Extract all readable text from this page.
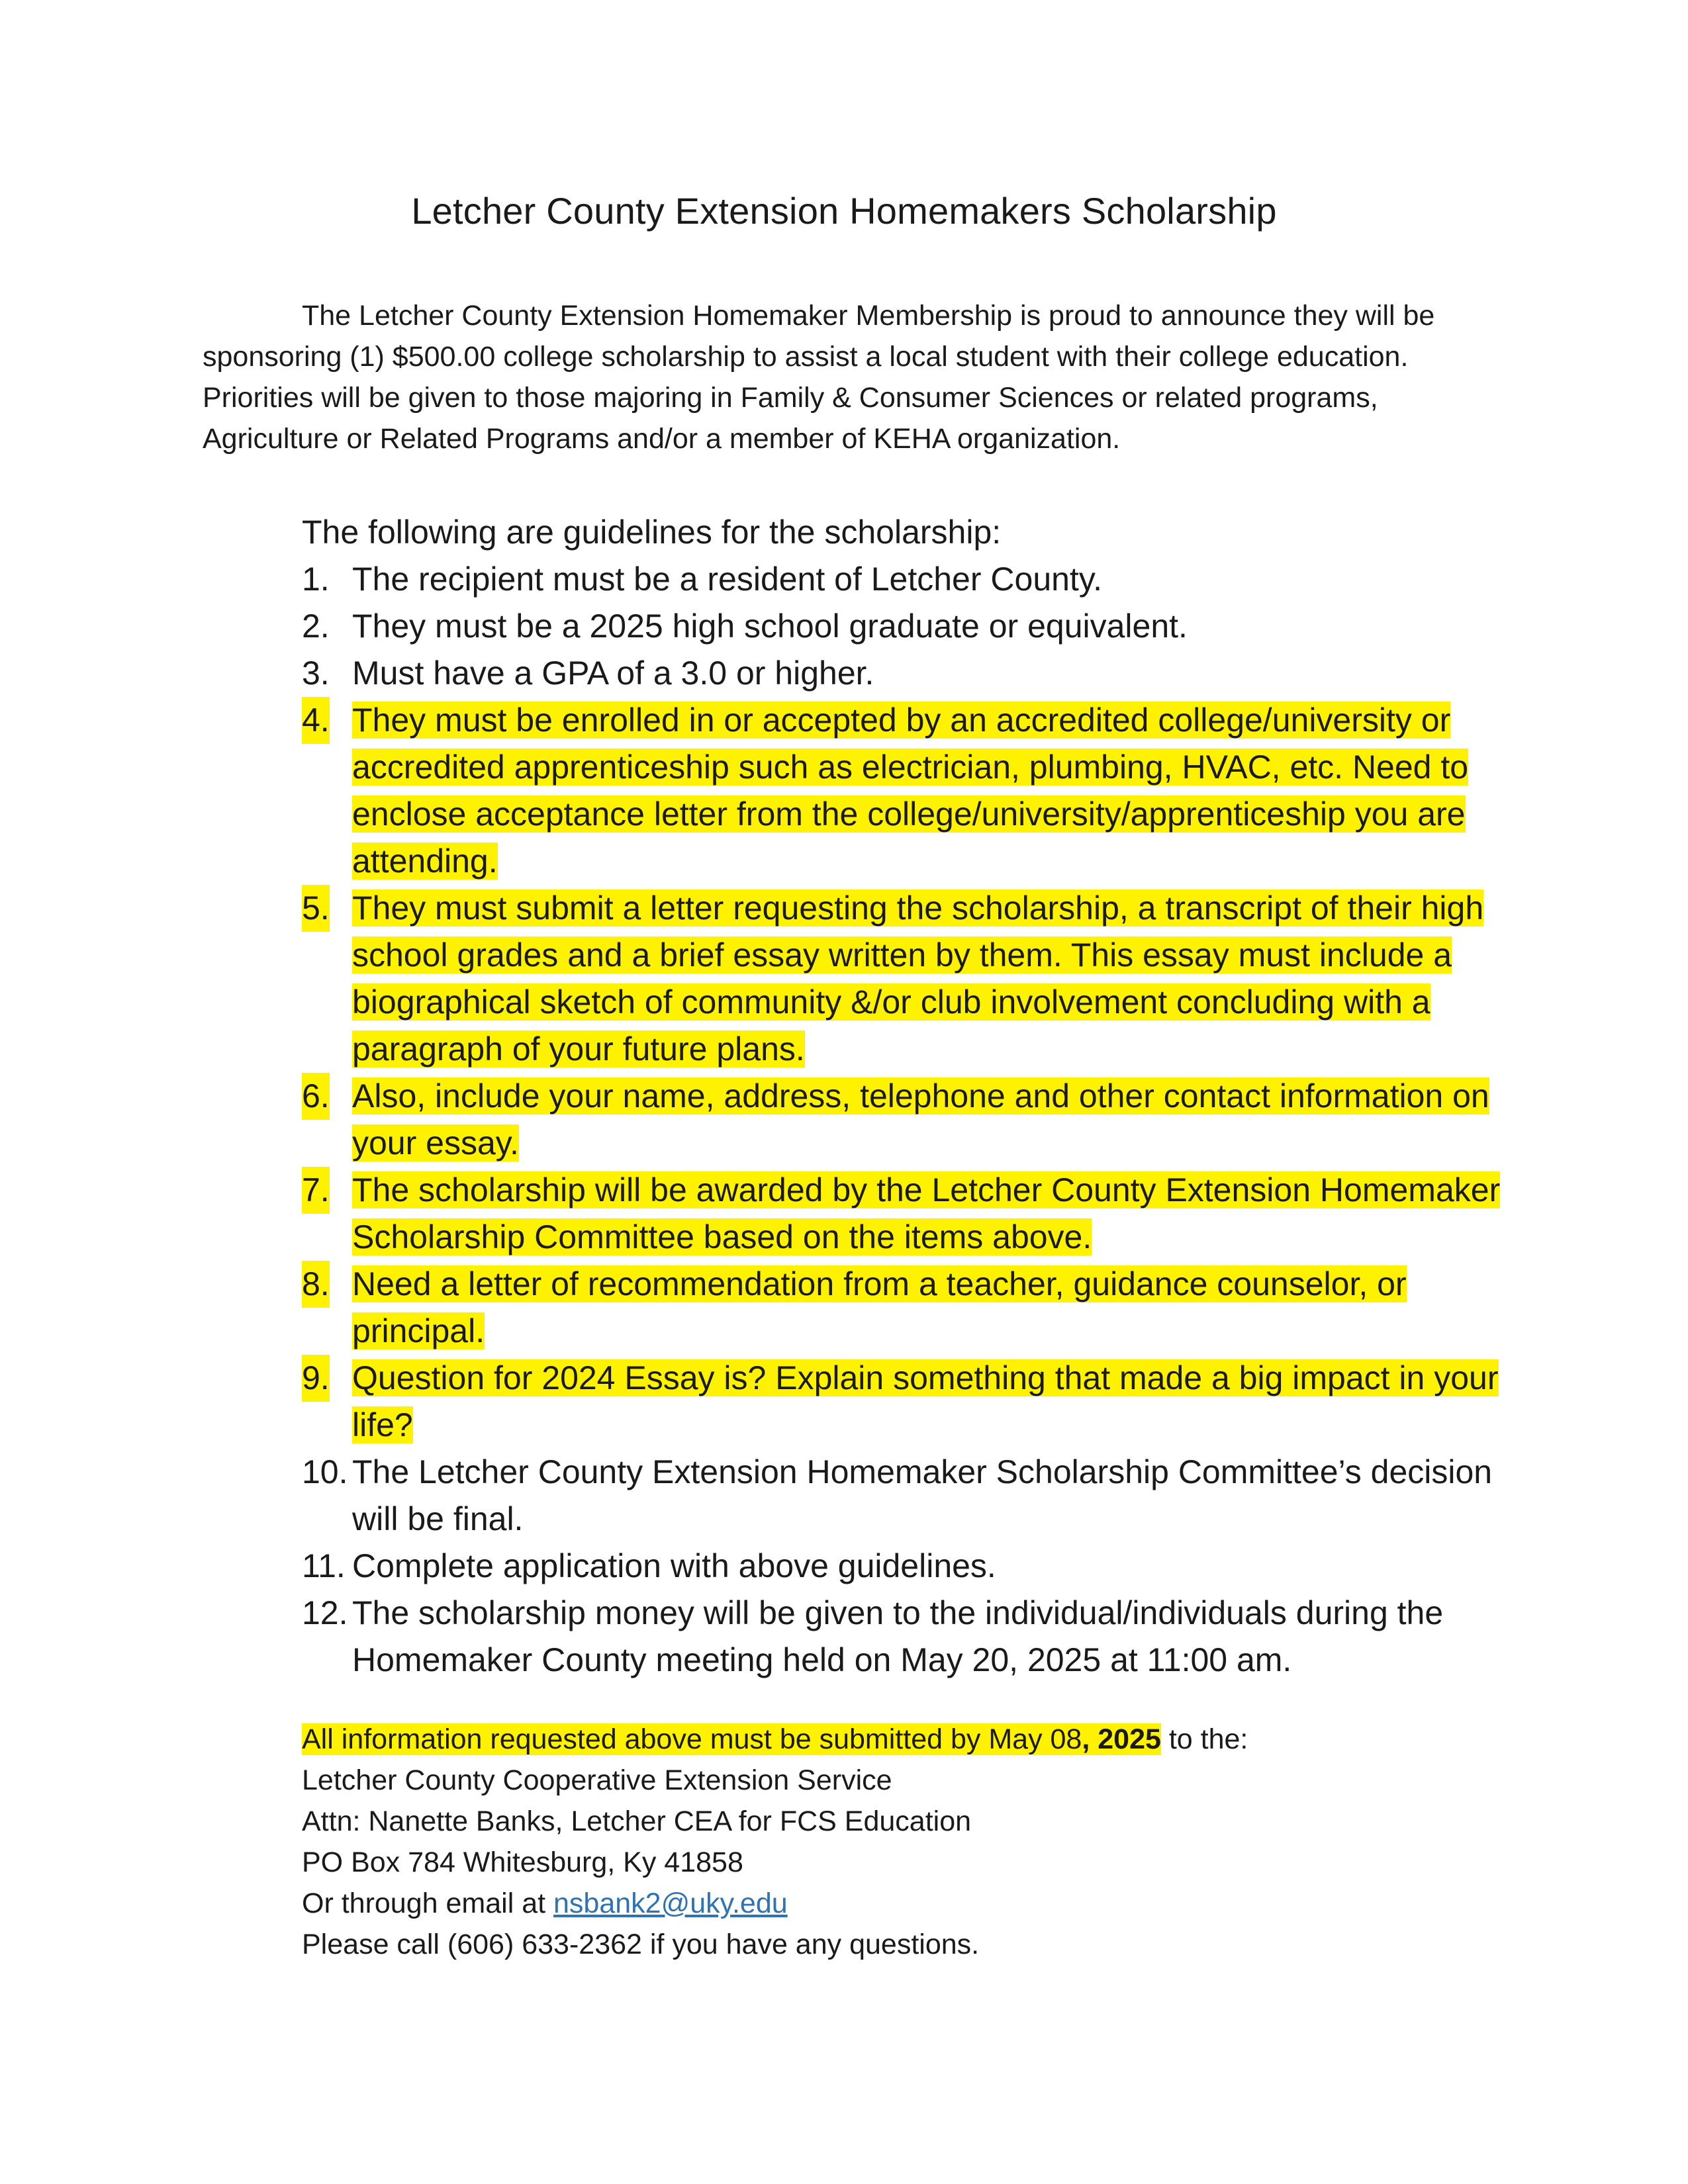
Letcher County Extension Homemakers Scholarship

The Letcher County Extension Homemaker Membership is proud to announce they will be sponsoring (1) $500.00 college scholarship to assist a local student with their college education. Priorities will be given to those majoring in Family & Consumer Sciences or related programs, Agriculture or Related Programs and/or a member of KEHA organization.

The following are guidelines for the scholarship:
1. The recipient must be a resident of Letcher County.
2. They must be a 2025 high school graduate or equivalent.
3. Must have a GPA of a 3.0 or higher.
4. They must be enrolled in or accepted by an accredited college/university or accredited apprenticeship such as electrician, plumbing, HVAC, etc. Need to enclose acceptance letter from the college/university/apprenticeship you are attending.
5. They must submit a letter requesting the scholarship, a transcript of their high school grades and a brief essay written by them. This essay must include a biographical sketch of community &/or club involvement concluding with a paragraph of your future plans.
6. Also, include your name, address, telephone and other contact information on your essay.
7. The scholarship will be awarded by the Letcher County Extension Homemaker Scholarship Committee based on the items above.
8. Need a letter of recommendation from a teacher, guidance counselor, or principal.
9. Question for 2024 Essay is? Explain something that made a big impact in your life?
10. The Letcher County Extension Homemaker Scholarship Committee’s decision will be final.
11. Complete application with above guidelines.
12. The scholarship money will be given to the individual/individuals during the Homemaker County meeting held on May 20, 2025 at 11:00 am.

All information requested above must be submitted by May 08, 2025 to the:

Letcher County Cooperative Extension Service

Attn: Nanette Banks, Letcher CEA for FCS Education

PO Box 784 Whitesburg, Ky 41858

Or through email at nsbank2@uky.edu

Please call (606) 633-2362 if you have any questions.
